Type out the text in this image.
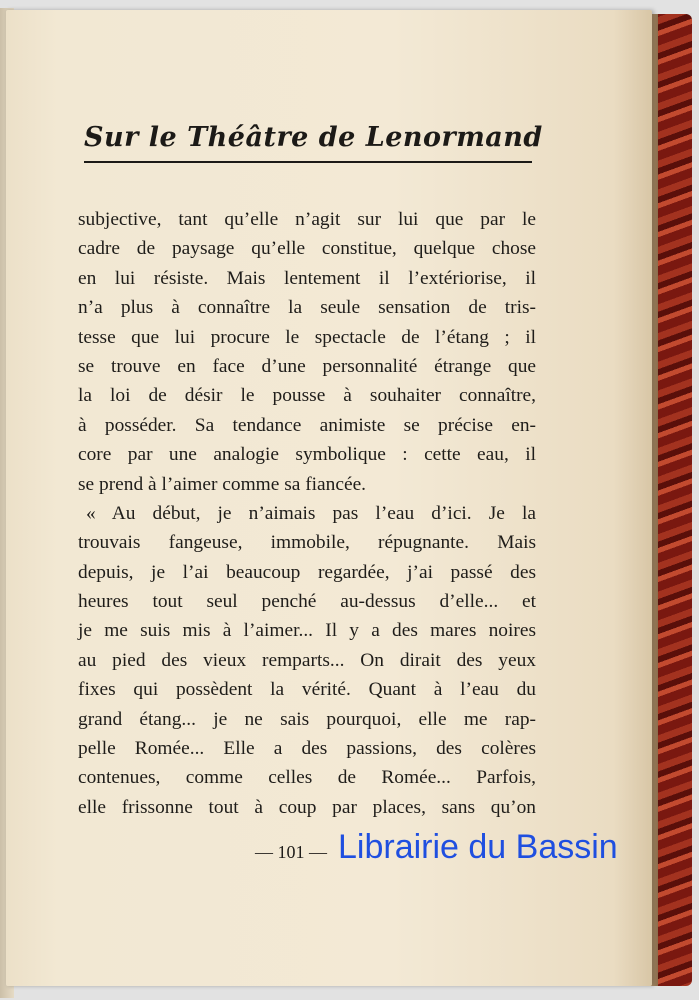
Sur le Théâtre de Lenormand
subjective, tant qu’elle n’agit sur lui que par le
cadre de paysage qu’elle constitue, quelque chose
en lui résiste. Mais lentement il l’extériorise, il
n’a plus à connaître la seule sensation de tris-
tesse que lui procure le spectacle de l’étang ; il
se trouve en face d’une personnalité étrange que
la loi de désir le pousse à souhaiter connaître,
à posséder. Sa tendance animiste se précise en-
core par une analogie symbolique : cette eau, il
se prend à l’aimer comme sa fiancée.
« Au début, je n’aimais pas l’eau d’ici. Je la
trouvais fangeuse, immobile, répugnante. Mais
depuis, je l’ai beaucoup regardée, j’ai passé des
heures tout seul penché au-dessus d’elle... et
je me suis mis à l’aimer... Il y a des mares noires
au pied des vieux remparts... On dirait des yeux
fixes qui possèdent la vérité. Quant à l’eau du
grand étang... je ne sais pourquoi, elle me rap-
pelle Romée... Elle a des passions, des colères
contenues, comme celles de Romée... Parfois,
elle frissonne tout à coup par places, sans qu’on
— 101 — Librairie du Bassin
